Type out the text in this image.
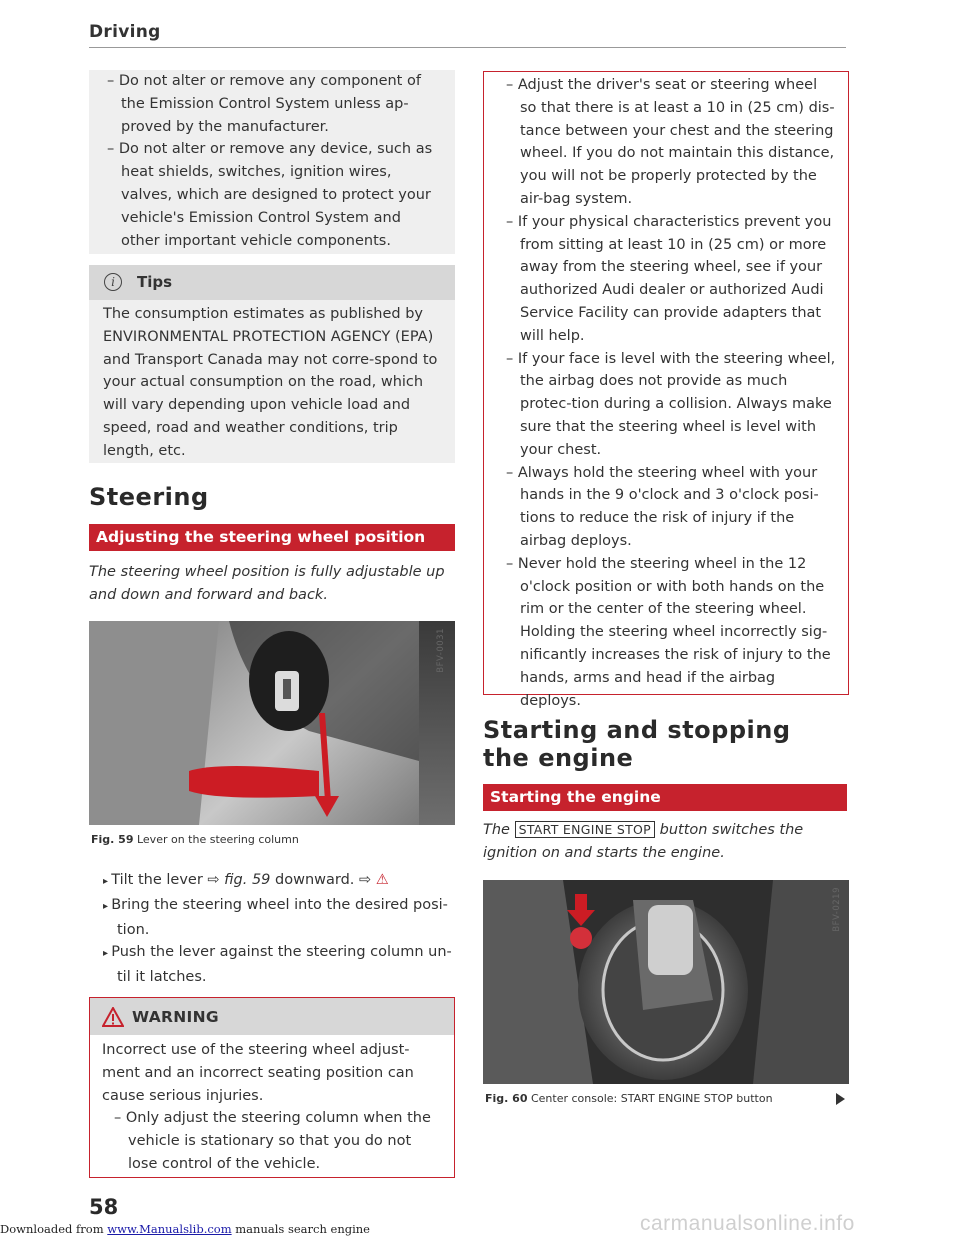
Driving

– Do not alter or remove any component of the Emission Control System unless ap-proved by the manufacturer.

– Do not alter or remove any device, such as heat shields, switches, ignition wires, valves, which are designed to protect your vehicle's Emission Control System and other important vehicle components.

i	Tips

The consumption estimates as published by ENVIRONMENTAL PROTECTION AGENCY (EPA) and Transport Canada may not corre-spond to your actual consumption on the road, which will vary depending upon vehicle load and speed, road and weather conditions, trip length, etc.

Steering
Adjusting the steering wheel position
The steering wheel position is fully adjustable up and down and forward and back.
BFV-0031
Fig. 59 Lever on the steering column

▸ Tilt the lever ⇨ fig. 59 downward. ⇨ ⚠

▸ Bring the steering wheel into the desired posi-tion.

▸ Push the lever against the steering column un-til it latches.

WARNING

Incorrect use of the steering wheel adjust-ment and an incorrect seating position can cause serious injuries.

– Only adjust the steering column when the vehicle is stationary so that you do not lose control of the vehicle.

– Adjust the driver's seat or steering wheel so that there is at least a 10 in (25 cm) dis-tance between your chest and the steering wheel. If you do not maintain this distance, you will not be properly protected by the air-bag system.

– If your physical characteristics prevent you from sitting at least 10 in (25 cm) or more away from the steering wheel, see if your authorized Audi dealer or authorized Audi Service Facility can provide adapters that will help.

– If your face is level with the steering wheel, the airbag does not provide as much protec-tion during a collision. Always make sure that the steering wheel is level with your chest.

– Always hold the steering wheel with your hands in the 9 o'clock and 3 o'clock posi-tions to reduce the risk of injury if the airbag deploys.

– Never hold the steering wheel in the 12 o'clock position or with both hands on the rim or the center of the steering wheel. Holding the steering wheel incorrectly sig-nificantly increases the risk of injury to the hands, arms and head if the airbag deploys.

Starting and stopping
the engine
Starting the engine
The START ENGINE STOP button switches the
ignition on and starts the engine.
BFV-0219
Fig. 60 Center console: START ENGINE STOP button
58
Downloaded from www.Manualslib.com manuals search engine	carmanualsonline.info
